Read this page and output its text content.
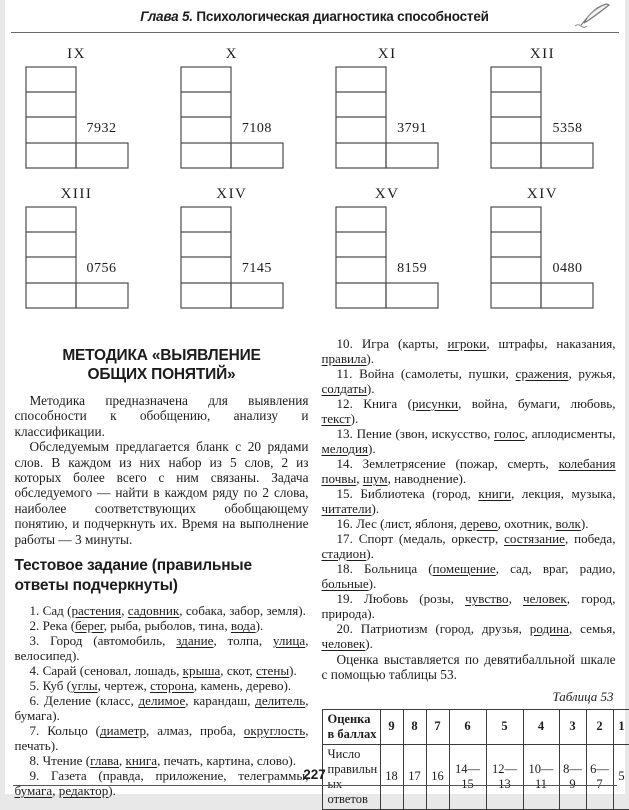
Глава 5. Психологическая диагностика способностей
IX
7932
X
7108
XI
3791
XII
5358
XIII
0756
XIV
7145
XV
8159
XIV
0480
МЕТОДИКА «ВЫЯВЛЕНИЕ
ОБЩИХ ПОНЯТИЙ»

Методика предназначена для выявления способности к обобщению, анализу и классификации.

Обследуемым предлагается бланк с 20 рядами слов. В каждом из них набор из 5 слов, 2 из которых более всего с ним связаны. Задача обследуемого — найти в каждом ряду по 2 слова, наиболее соответствующих обобщающему понятию, и подчеркнуть их. Время на выполнение работы — 3 минуты.

Тестовое задание (правильные
ответы подчеркнуты)

1. Сад (растения, садовник, собака, забор, земля).

2. Река (берег, рыба, рыболов, тина, вода).

3. Город (автомобиль, здание, толпа, улица, велосипед).

4. Сарай (сеновал, лошадь, крыша, скот, стены).

5. Куб (углы, чертеж, сторона, камень, дерево).

6. Деление (класс, делимое, карандаш, делитель, бумага).

7. Кольцо (диаметр, алмаз, проба, округлость, печать).

8. Чтение (глава, книга, печать, картина, слово).

9. Газета (правда, приложение, телеграммы, бумага, редактор).

10. Игра (карты, игроки, штрафы, наказания, правила).

11. Война (самолеты, пушки, сражения, ружья, солдаты).

12. Книга (рисунки, война, бумаги, любовь, текст).

13. Пение (звон, искусство, голос, аплодисменты, мелодия).

14. Землетрясение (пожар, смерть, колебания почвы, шум, наводнение).

15. Библиотека (город, книги, лекция, музыка, читатели).

16. Лес (лист, яблоня, дерево, охотник, волк).

17. Спорт (медаль, оркестр, состязание, победа, стадион).

18. Больница (помещение, сад, враг, радио, больные).

19. Любовь (розы, чувство, человек, город, природа).

20. Патриотизм (город, друзья, родина, семья, человек).

Оценка выставляется по девятибалльной шкале с помощью таблицы 53.

Таблица 53
Оценка в баллах	9	8	7	6	5	4	3	2	1
Число правильных ответов	18	17	16	14—15	12—13	10—11	8—9	6—7	5
227
